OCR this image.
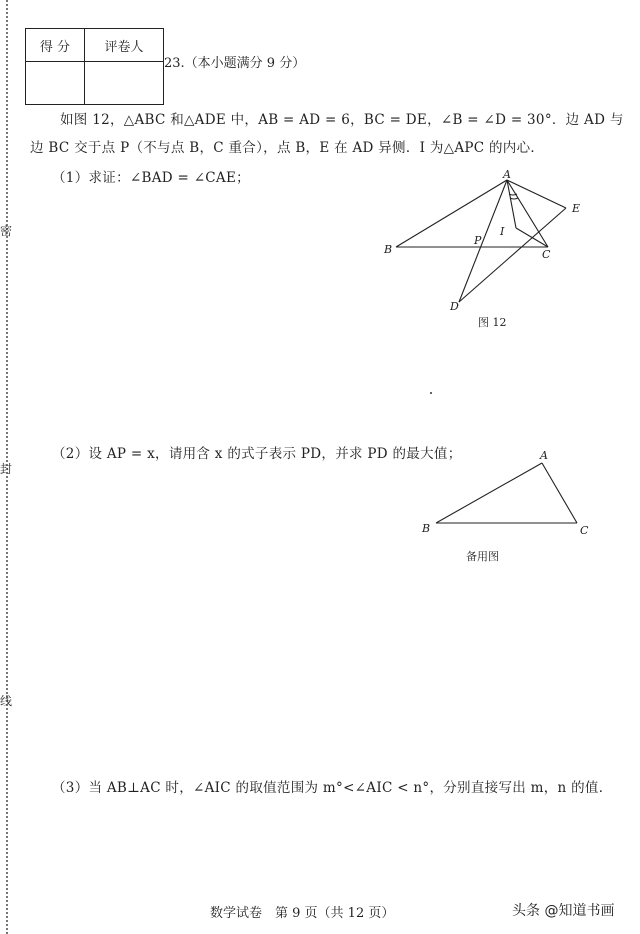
密
封
线
得 分	评卷人

23.（本小题满分 9 分）
如图 12，△ABC 和△ADE 中，AB = AD = 6，BC = DE，∠B = ∠D = 30°．边 AD 与
边 BC 交于点 P（不与点 B，C 重合），点 B，E 在 AD 异侧．I 为△APC 的内心．
（1）求证：∠BAD = ∠CAE；	A
E
B
P
I
C
D
图 12
（2）设 AP = x，请用含 x 的式子表示 PD，并求 PD 的最大值；	A
B	C
备用图
（3）当 AB⊥AC 时，∠AIC 的取值范围为 m°<∠AIC < n°，分别直接写出 m，n 的值．
数学试卷　第 9 页（共 12 页）	头条 @知道书画
